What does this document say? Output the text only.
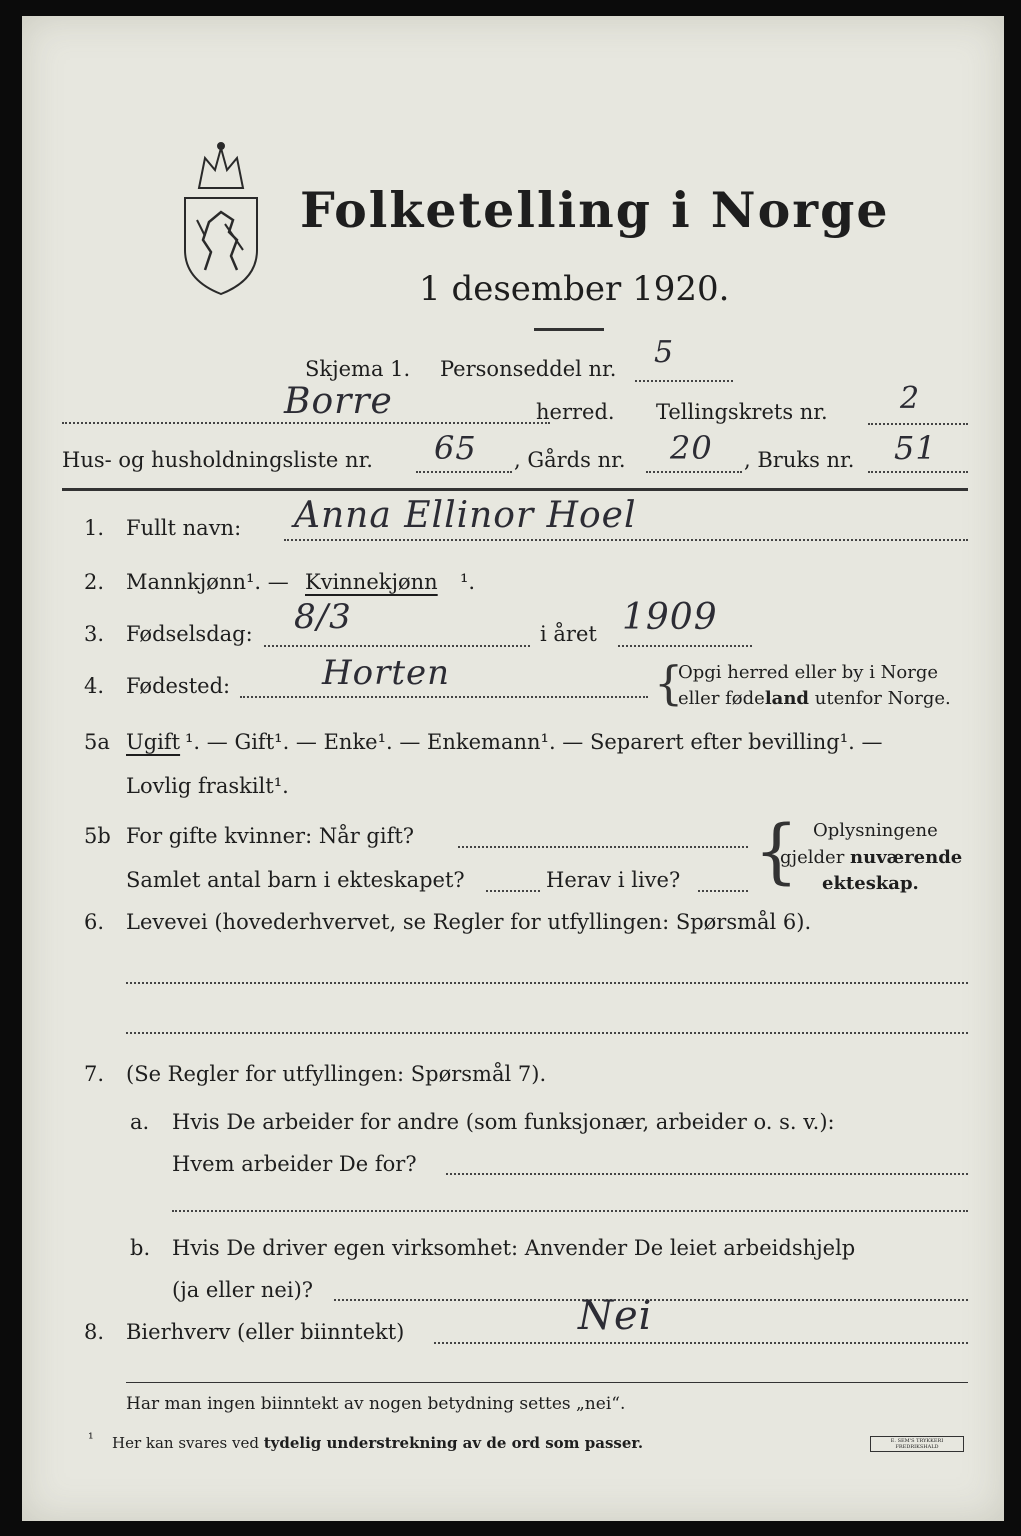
Folketelling i Norge
1 desember 1920.
Skjema 1. Personseddel nr. 5
Borre	herred. Tellingskrets nr. 2
Hus- og husholdningsliste nr. 65 , Gårds nr. 20 , Bruks nr. 51
1. Fullt navn: Anna Ellinor Hoel
2. Mannkjønn¹. — Kvinnekjønn ¹.
3. Fødselsdag: 8/3	i året 1909
4. Fødested:	Horten	{
Opgi herred eller by i Norge
eller fødeland utenfor Norge.
5a Ugift ¹. — Gift¹. — Enke¹. — Enkemann¹. — Separert efter bevilling¹. —
Lovlig fraskilt¹.
5b For gifte kvinner: Når gift?
Samlet antal barn i ekteskapet?	Herav i live? { Oplysningene
gjelder nuværende
ekteskap.
6. Levevei (hovederhvervet, se Regler for utfyllingen: Spørsmål 6).
7. (Se Regler for utfyllingen: Spørsmål 7).
a. Hvis De arbeider for andre (som funksjonær, arbeider o. s. v.):
Hvem arbeider De for?
b. Hvis De driver egen virksomhet: Anvender De leiet arbeidshjelp
(ja eller nei)?
8. Bierhverv (eller biinntekt)	Nei
Har man ingen biinntekt av nogen betydning settes „nei“.
¹ Her kan svares ved tydelig understrekning av de ord som passer.	E. SEM'S TRYKKERI
FREDRIKSHALD
